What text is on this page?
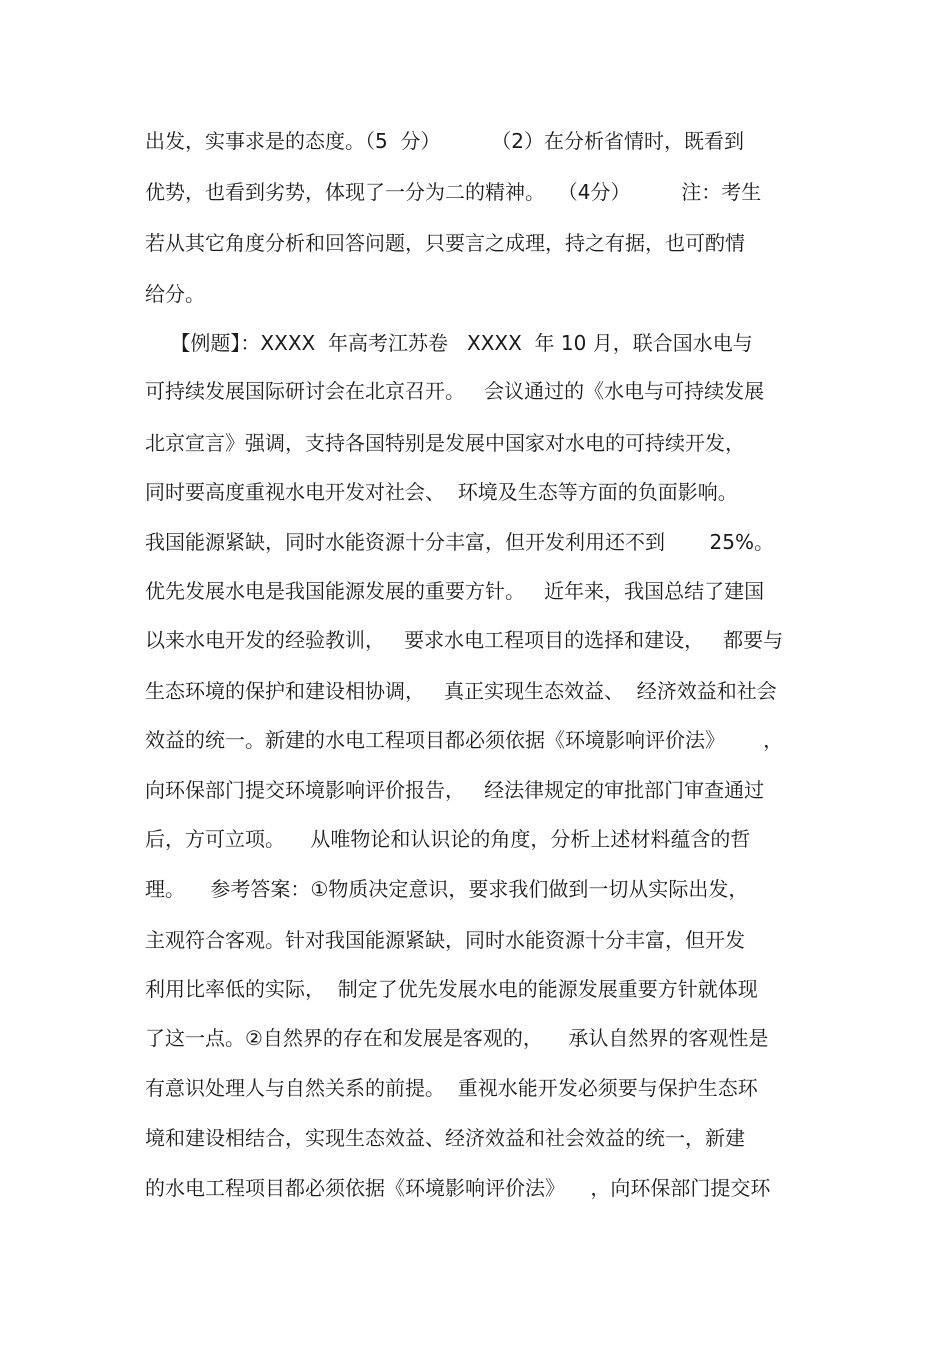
出发，实事求是的态度。（5  分）        （2）在分析省情时，既看到
优势，也看到劣势，体现了一分为二的精神。  （4分）        注：考生
若从其它角度分析和回答问题，只要言之成理，持之有据，也可酌情
给分。
【例题】：XXXX  年高考江苏卷   XXXX  年 10 月，联合国水电与
可持续发展国际研讨会在北京召开。   会议通过的《水电与可持续发展
北京宣言》强调，支持各国特别是发展中国家对水电的可持续开发，
同时要高度重视水电开发对社会、  环境及生态等方面的负面影响。
我国能源紧缺，同时水能资源十分丰富，但开发利用还不到       25%。
优先发展水电是我国能源发展的重要方针。   近年来，我国总结了建国
以来水电开发的经验教训，   要求水电工程项目的选择和建设，   都要与
生态环境的保护和建设相协调，   真正实现生态效益、  经济效益和社会
效益的统一。新建的水电工程项目都必须依据《环境影响评价法》      ，
向环保部门提交环境影响评价报告，   经法律规定的审批部门审查通过
后，方可立项。    从唯物论和认识论的角度，分析上述材料蕴含的哲
理。    参考答案：①物质决定意识，要求我们做到一切从实际出发，
主观符合客观。针对我国能源紧缺，同时水能资源十分丰富，但开发
利用比率低的实际，  制定了优先发展水电的能源发展重要方针就体现
了这一点。②自然界的存在和发展是客观的，    承认自然界的客观性是
有意识处理人与自然关系的前提。  重视水能开发必须要与保护生态环
境和建设相结合，实现生态效益、经济效益和社会效益的统一，新建
的水电工程项目都必须依据《环境影响评价法》    ，向环保部门提交环
